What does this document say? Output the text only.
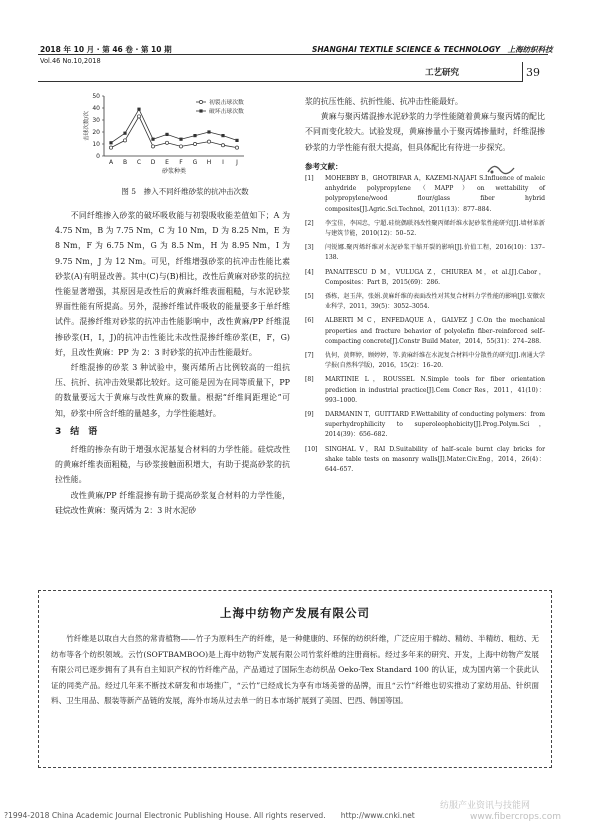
2018 年 10 月 · 第 46 卷 · 第 10 期
Vol.46 No.10,2018
SHANGHAI TEXTILE SCIENCE & TECHNOLOGY　上海纺织科技
工艺研究	39
0
10
20
30
40
50
A B C D E F G H I J
击球次数/次
砂浆种类
初裂击球次数
破坏击球次数
图 5　掺入不同纤维砂浆的抗冲击次数

不同纤维掺入砂浆的破坏吸收能与初裂吸收能差值如下；A 为 4.75 Nm，B 为 7.75 Nm，C 为 10 Nm，D 为 8.25 Nm，E 为 8 Nm，F 为 6.75 Nm，G 为 8.5 Nm，H 为 8.95 Nm，I 为 9.75 Nm，J 为 12 Nm。可见，纤维增强砂浆的抗冲击性能比素砂浆(A)有明显改善。其中(C)与(B)相比，改性后黄麻对砂浆的抗拉性能显著增强，其原因是改性后的黄麻纤维表面粗糙，与水泥砂浆界面性能有所提高。另外，混掺纤维试件吸收的能量要多于单纤维试件。混掺纤维对砂浆的抗冲击性能影响中，改性黄麻/PP 纤维混掺砂浆(H，I，J)的抗冲击性能比未改性混掺纤维砂浆(E，F，G)好，且改性黄麻：PP 为 2：3 时砂浆的抗冲击性能最好。

纤维混掺的砂浆 3 种试验中，聚丙烯所占比例较高的一组抗压、抗折、抗冲击效果都比较好。这可能是因为在同等质量下，PP 的数量要远大于黄麻与改性黄麻的数量。根据“纤维间距理论”可知，砂浆中所含纤维的量越多，力学性能越好。

3　结　语

纤维的掺杂有助于增强水泥基复合材料的力学性能。硅烷改性的黄麻纤维表面粗糙，与砂浆接触面积增大，有助于提高砂浆的抗拉性能。

改性黄麻/PP 纤维混掺有助于提高砂浆复合材料的力学性能，硅烷改性黄麻：聚丙烯为 2：3 时水泥砂

浆的抗压性能、抗折性能、抗冲击性能最好。

黄麻与聚丙烯混掺水泥砂浆的力学性能随着黄麻与聚丙烯的配比不同而变化较大。试验发现，黄麻掺量小于聚丙烯掺量时，纤维混掺砂浆的力学性能有很大提高，但具体配比有待进一步探究。

参考文献：
[1]	MOHEBBY B，GHOTBIFAR A，KAZEMI-NAJAFI S.Influence of maleic anhydride polypropylene（MAPP）on wettability of polypropylene/wood flour/glass fiber hybrid composites[J].Agric.Sci.Technol，2011(13)：877–884.
[2]	李宝佳，李国忠，宁超.硅烷偶联剂改性聚丙烯纤维水泥砂浆性能研究[J].墙材革新与建筑节能，2010(12)：50–52.
[3]	闫锐娜.聚丙烯纤维对水泥砂浆干缩开裂的影响[J].价值工程，2016(10)：137–138.
[4]	PANAITESCU D M，VULUGA Z，CHIUREA M，et al.[J].Cabor，Composites：Part B，2015(69)：286.
[5]	孫栋，赵玉萍，张娟.黄麻纤维的表面改性对其复合材料力学性能的影响[J].安徽农业科学，2011，39(5)：3052–3054.
[6]	ALBERTI M C，ENFEDAQUE A，GALVEZ J C.On the mechanical properties and fracture behavior of polyolefin fiber–reinforced self–compacting concrete[J].Constr Build Mater，2014，55(31)：274–288.
[7]	仇何，黄辉婷，顾婷婷，等.黄麻纤维在水泥复合材料中分散性的研究[J].南通大学学报(自然科学版)，2016，15(2)：16–20.
[8]	MARTINIE L，ROUSSEL N.Simple tools for fiber orientation prediction in industrial practice[J].Cem Concr Res，2011，41(10)：993–1000.
[9]	DARMANIN T，GUITTARD F.Wettability of conducting polymers：from superhydrophilicity to superoleophobicity[J].Prog.Polym.Sci，2014(39)：656–682.
[10]	SINGHAL V，RAI D.Suitability of half–scale burnt clay bricks for shake table tests on masonry walls[J].Mater.Civ.Eng，2014，26(4)：644–657.
上海中纺物产发展有限公司
竹纤维是以取自大自然的常青植物——竹子为原料生产的纤维，是一种健康的、环保的纺织纤维，广泛应用于棉纺、精纺、半精纺、粗纺、无纺布等各个纺织领域。云竹(SOFTBAMBOO)是上海中纺物产发展有限公司竹浆纤维的注册商标。经过多年来的研究、开发，上海中纺物产发展有限公司已逐步拥有了具有自主知识产权的竹纤维产品，产品通过了国际生态纺织品 Oeko-Tex Standard 100 的认证，成为国内第一个获此认证的同类产品。经过几年来不断技术研发和市场推广，“云竹”已经成长为享有市场美誉的品牌，而且“云竹”纤维也切实推动了家纺用品、针织面料、卫生用品、服装等新产品链的发展，海外市场从过去单一的日本市场扩展到了美国、巴西、韩国等国。
?1994-2018 China Academic Journal Electronic Publishing House. All rights reserved.　　http://www.cnki.net
纺服产业资讯与技能网
www.fibercrops.com
